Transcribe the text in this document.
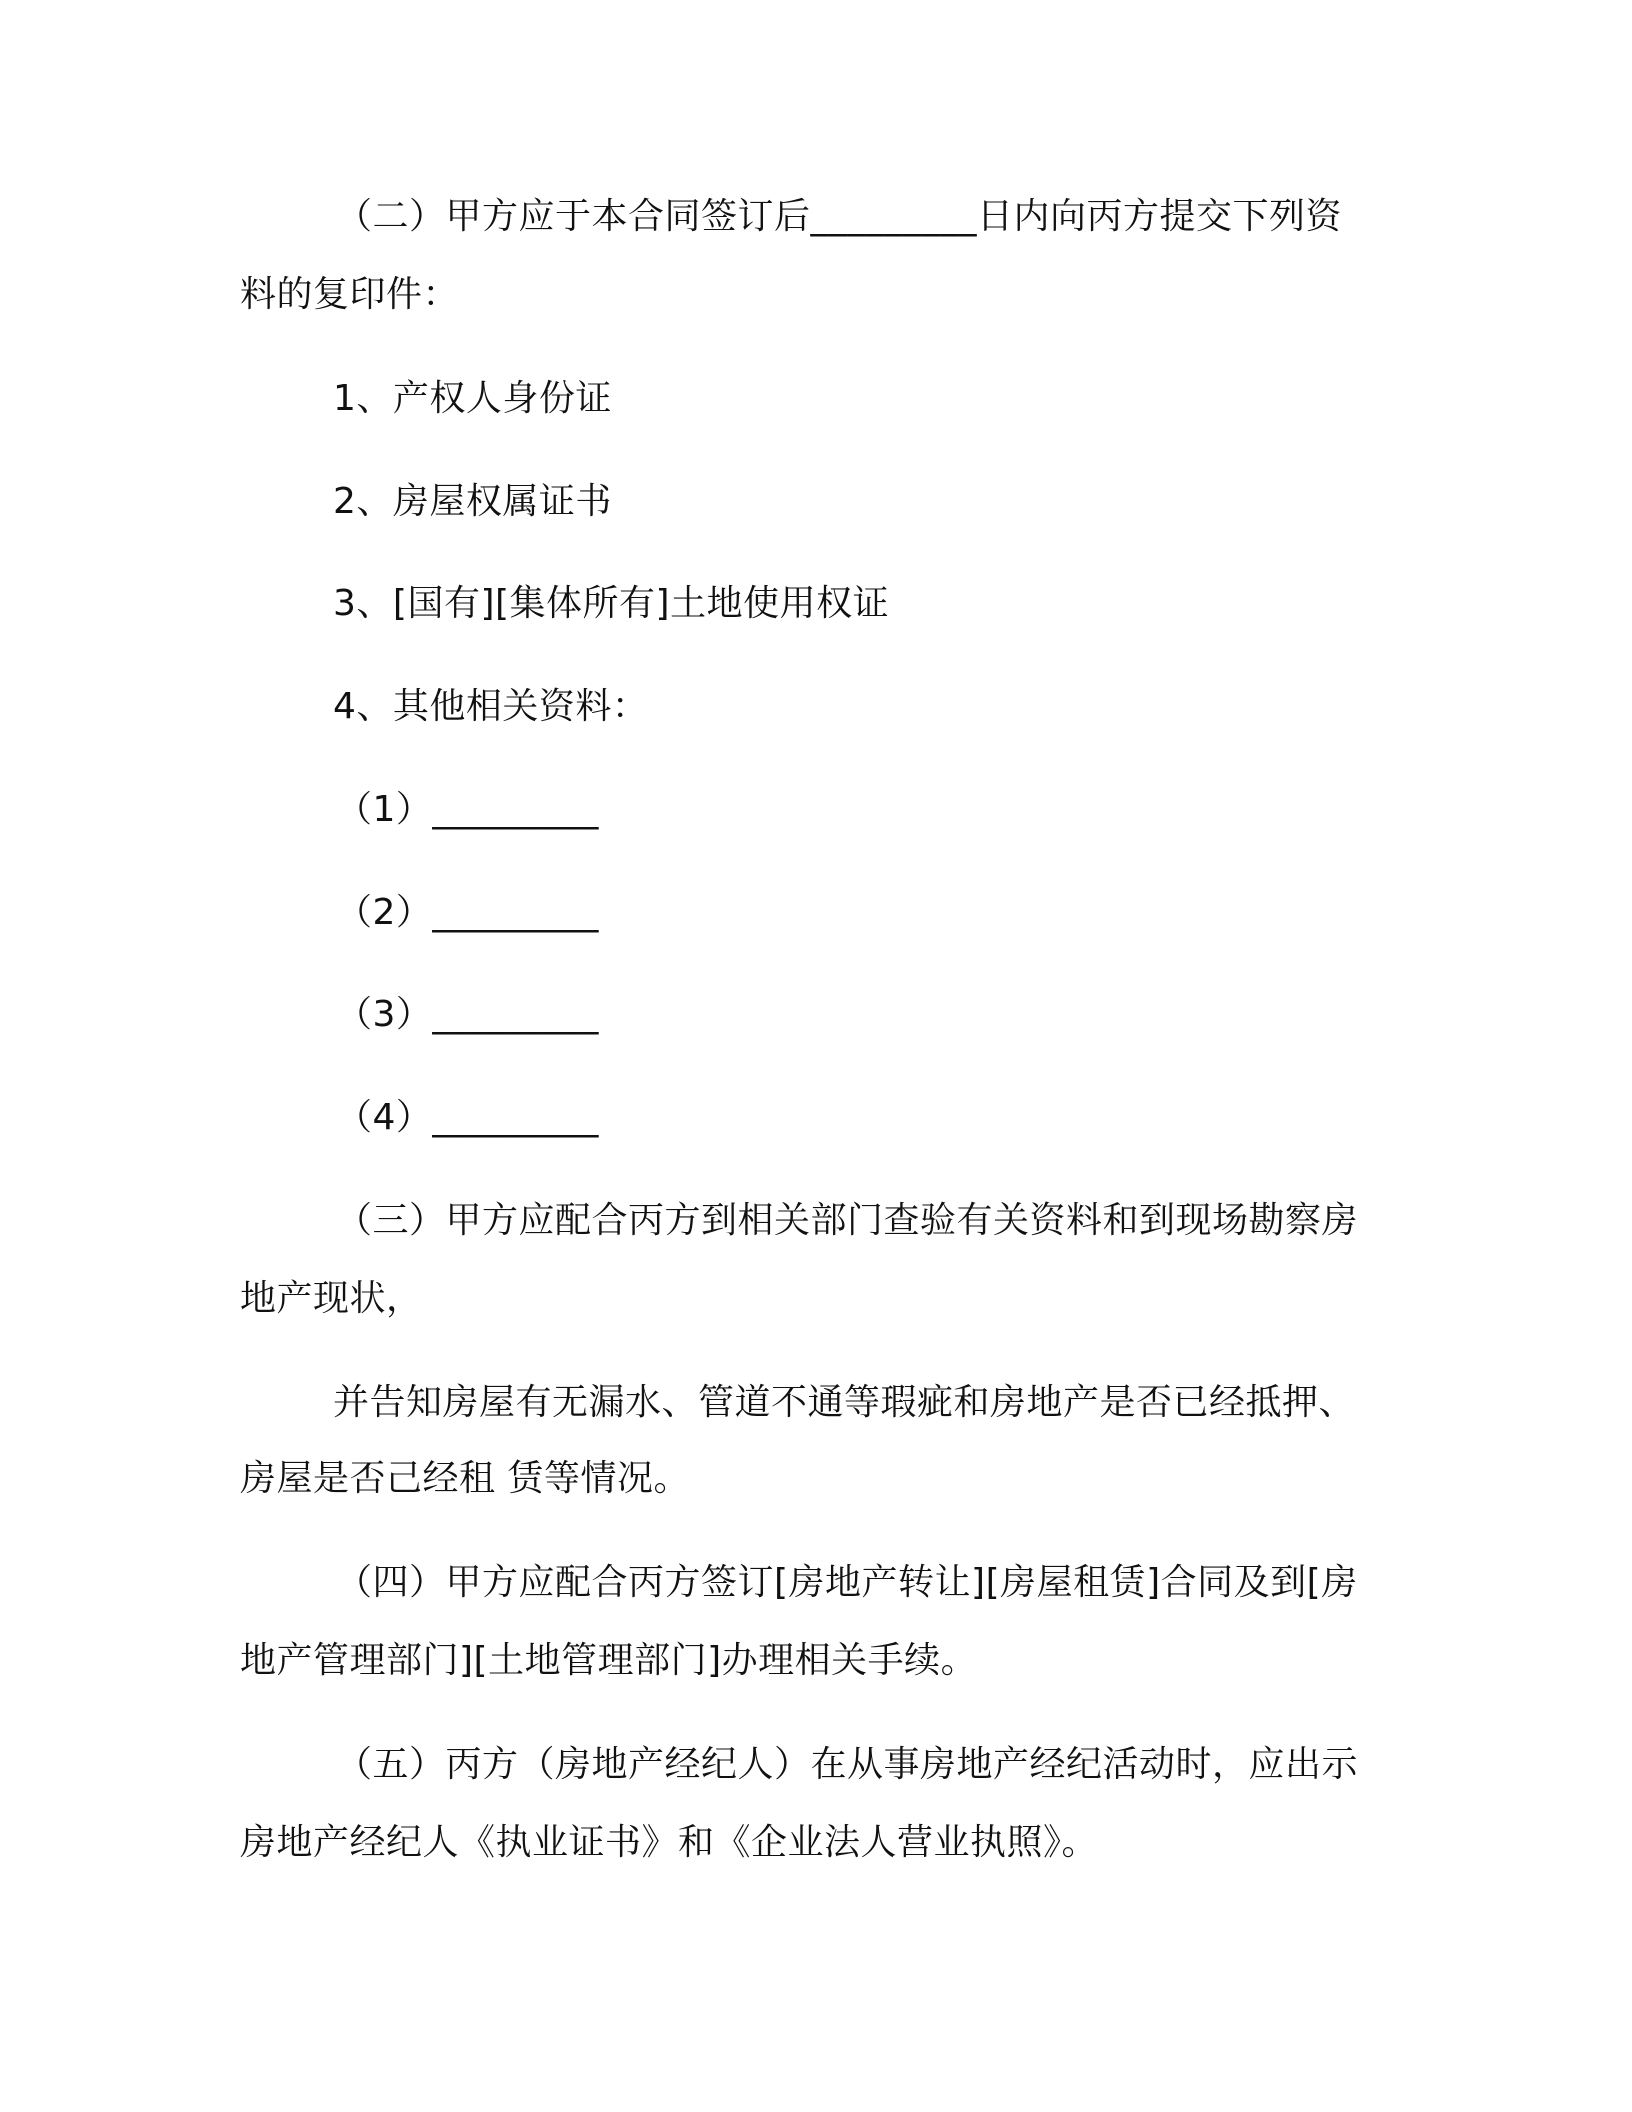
（二）甲方应于本合同签订后_________日内向丙方提交下列资
料的复印件：
1、产权人身份证
2、房屋权属证书
3、[国有][集体所有]土地使用权证
4、其他相关资料：
（1）_________
（2）_________
（3）_________
（4）_________
（三）甲方应配合丙方到相关部门查验有关资料和到现场勘察房
地产现状，
并告知房屋有无漏水、管道不通等瑕疵和房地产是否已经抵押、
房屋是否己经租 赁等情况。
（四）甲方应配合丙方签订[房地产转让][房屋租赁]合同及到[房
地产管理部门][土地管理部门]办理相关手续。
（五）丙方（房地产经纪人）在从事房地产经纪活动时，应出示
房地产经纪人《执业证书》和《企业法人营业执照》。
